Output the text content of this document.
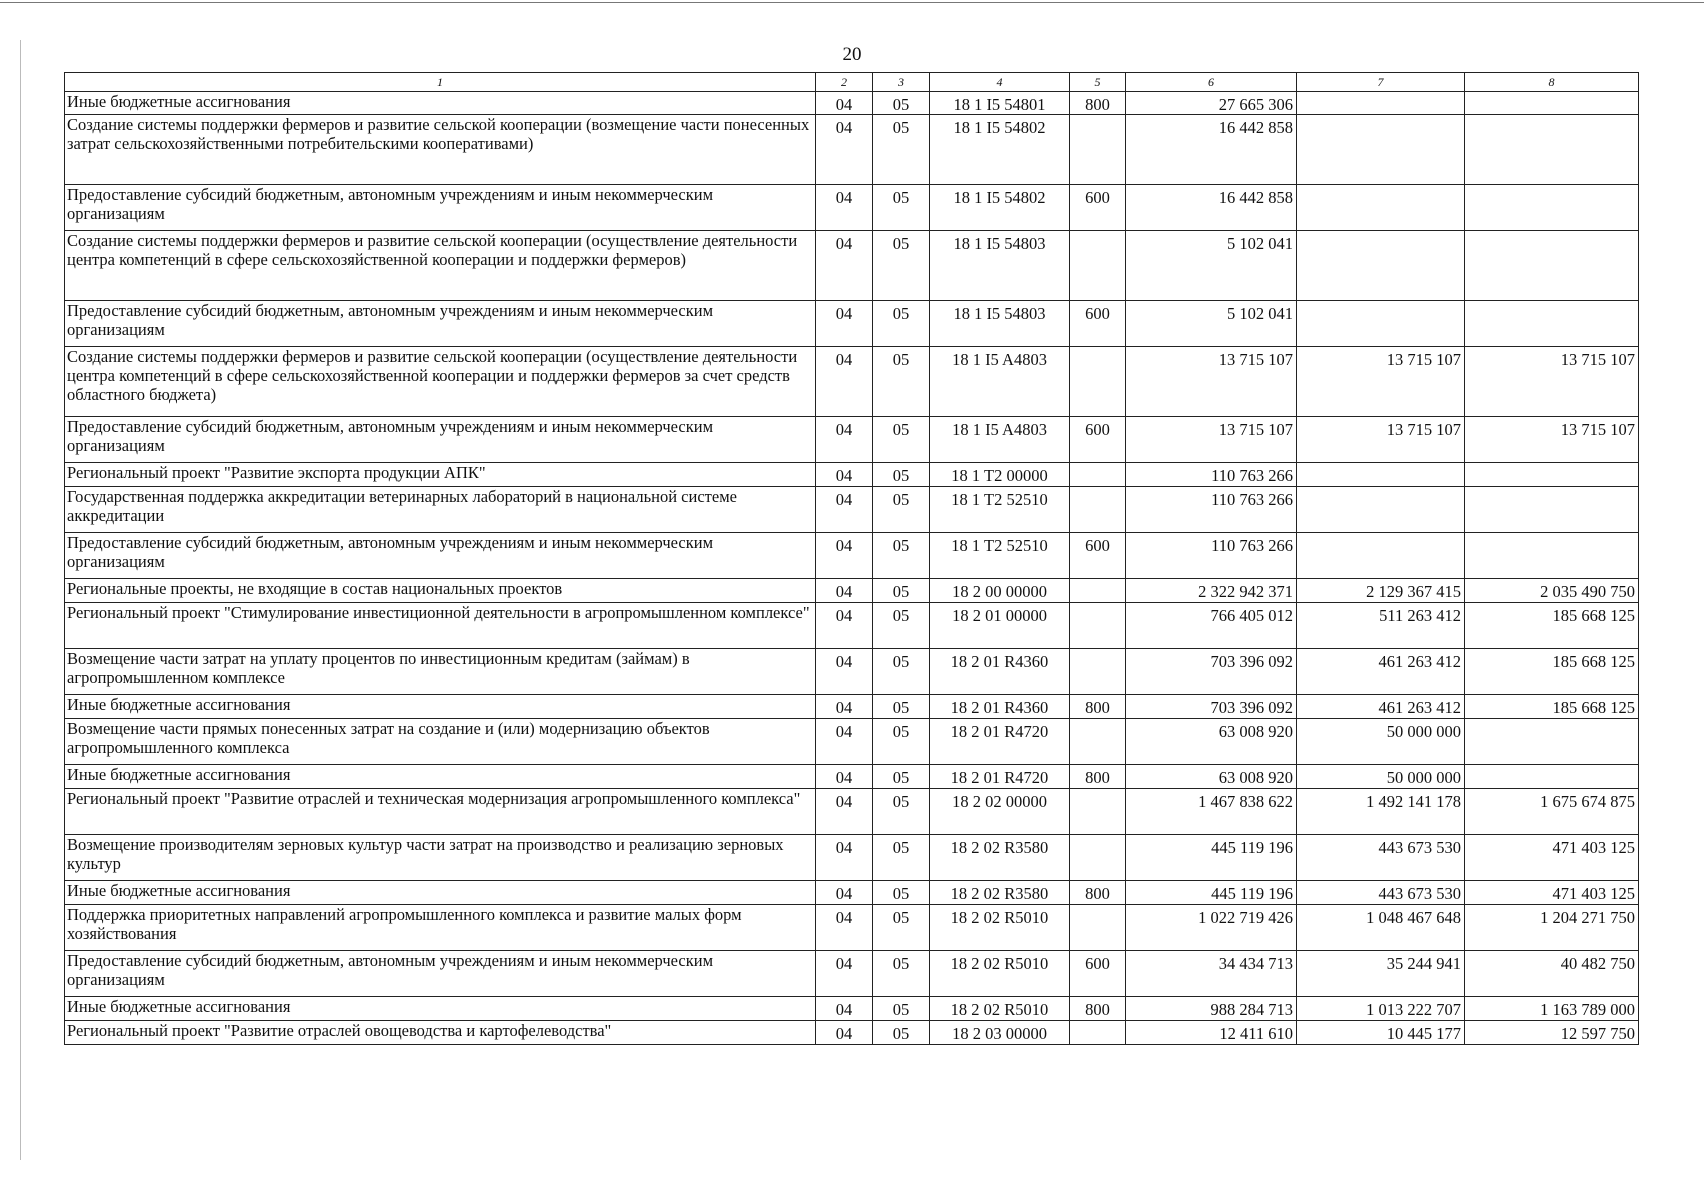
20
1	2	3	4	5	6	7	8
Иные бюджетные ассигнования	04	05	18 1 I5 54801	800	27 665 306		
Создание системы поддержки фермеров и развитие сельской кооперации (возмещение части понесенных затрат сельскохозяйственными потребительскими кооперативами)	04	05	18 1 I5 54802		16 442 858		
Предоставление субсидий бюджетным, автономным учреждениям и иным некоммерческим организациям	04	05	18 1 I5 54802	600	16 442 858		
Создание системы поддержки фермеров и развитие сельской кооперации (осуществление деятельности центра компетенций в сфере сельскохозяйственной кооперации и поддержки фермеров)	04	05	18 1 I5 54803		5 102 041		
Предоставление субсидий бюджетным, автономным учреждениям и иным некоммерческим организациям	04	05	18 1 I5 54803	600	5 102 041		
Создание системы поддержки фермеров и развитие сельской кооперации (осуществление деятельности центра компетенций в сфере сельскохозяйственной кооперации и поддержки фермеров за счет средств областного бюджета)	04	05	18 1 I5 A4803		13 715 107	13 715 107	13 715 107
Предоставление субсидий бюджетным, автономным учреждениям и иным некоммерческим организациям	04	05	18 1 I5 A4803	600	13 715 107	13 715 107	13 715 107
Региональный проект "Развитие экспорта продукции АПК"	04	05	18 1 T2 00000		110 763 266		
Государственная поддержка аккредитации ветеринарных лабораторий в национальной системе аккредитации	04	05	18 1 T2 52510		110 763 266		
Предоставление субсидий бюджетным, автономным учреждениям и иным некоммерческим организациям	04	05	18 1 T2 52510	600	110 763 266		
Региональные проекты, не входящие в состав национальных проектов	04	05	18 2 00 00000		2 322 942 371	2 129 367 415	2 035 490 750
Региональный проект "Стимулирование инвестиционной деятельности в агропромышленном комплексе"	04	05	18 2 01 00000		766 405 012	511 263 412	185 668 125
Возмещение части затрат на уплату процентов по инвестиционным кредитам (займам) в агропромышленном комплексе	04	05	18 2 01 R4360		703 396 092	461 263 412	185 668 125
Иные бюджетные ассигнования	04	05	18 2 01 R4360	800	703 396 092	461 263 412	185 668 125
Возмещение части прямых понесенных затрат на создание и (или) модернизацию объектов агропромышленного комплекса	04	05	18 2 01 R4720		63 008 920	50 000 000	
Иные бюджетные ассигнования	04	05	18 2 01 R4720	800	63 008 920	50 000 000	
Региональный проект "Развитие отраслей и техническая модернизация агропромышленного комплекса"	04	05	18 2 02 00000		1 467 838 622	1 492 141 178	1 675 674 875
Возмещение производителям зерновых культур части затрат на производство и реализацию зерновых культур	04	05	18 2 02 R3580		445 119 196	443 673 530	471 403 125
Иные бюджетные ассигнования	04	05	18 2 02 R3580	800	445 119 196	443 673 530	471 403 125
Поддержка приоритетных направлений агропромышленного комплекса и развитие малых форм хозяйствования	04	05	18 2 02 R5010		1 022 719 426	1 048 467 648	1 204 271 750
Предоставление субсидий бюджетным, автономным учреждениям и иным некоммерческим организациям	04	05	18 2 02 R5010	600	34 434 713	35 244 941	40 482 750
Иные бюджетные ассигнования	04	05	18 2 02 R5010	800	988 284 713	1 013 222 707	1 163 789 000
Региональный проект "Развитие отраслей овощеводства и картофелеводства"	04	05	18 2 03 00000		12 411 610	10 445 177	12 597 750
